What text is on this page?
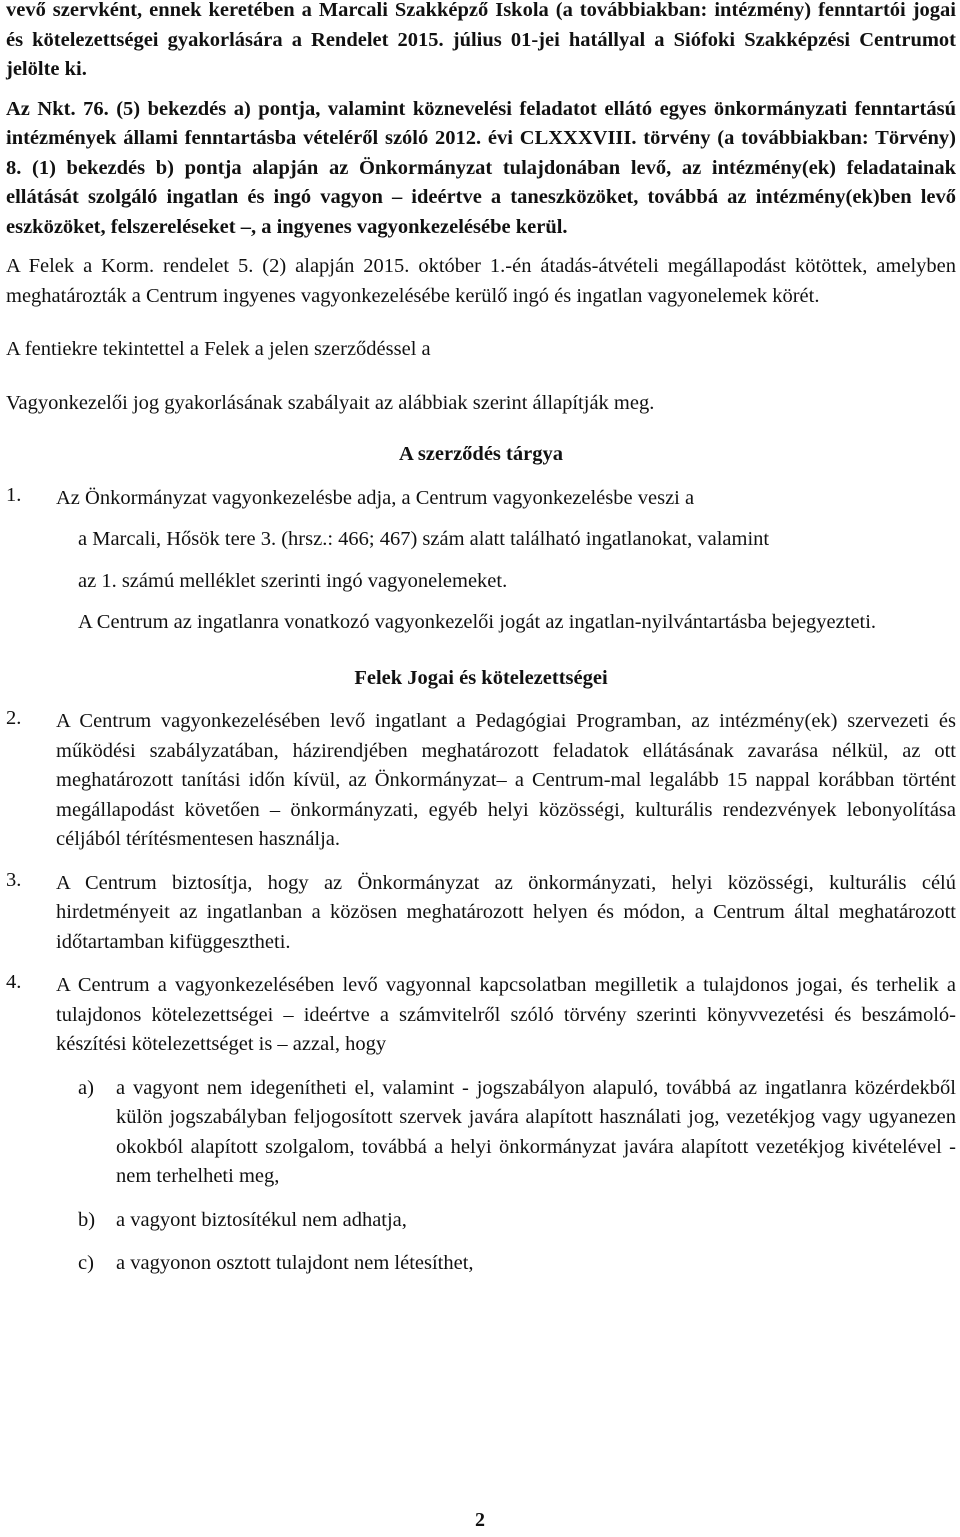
vevő szervként, ennek keretében a Marcali Szakképző Iskola (a továbbiakban: intézmény) fenntartói jogai és kötelezettségei gyakorlására a Rendelet 2015. július 01-jei hatállyal a Siófoki Szakképzési Centrumot jelölte ki.

Az Nkt. 76. (5) bekezdés a) pontja, valamint köznevelési feladatot ellátó egyes önkormányzati fenntartású intézmények állami fenntartásba vételéről szóló 2012. évi CLXXXVIII. törvény (a továbbiakban: Törvény) 8. (1) bekezdés b) pontja alapján az Önkormányzat tulajdonában levő, az intézmény(ek) feladatainak ellátását szolgáló ingatlan és ingó vagyon – ideértve a taneszközöket, továbbá az intézmény(ek)ben levő eszközöket, felszereléseket –, a ingyenes vagyonkezelésébe kerül.

A Felek a Korm. rendelet 5. (2) alapján 2015. október 1.-én átadás-átvételi megállapodást kötöttek, amelyben meghatározták a Centrum ingyenes vagyonkezelésébe kerülő ingó és ingatlan vagyonelemek körét.

A fentiekre tekintettel a Felek a jelen szerződéssel a

Vagyonkezelői jog gyakorlásának szabályait az alábbiak szerint állapítják meg.

A szerződés tárgya

1.	Az Önkormányzat vagyonkezelésbe adja, a Centrum vagyonkezelésbe veszi a

a Marcali, Hősök tere 3. (hrsz.: 466; 467) szám alatt található ingatlanokat, valamint

az 1. számú melléklet szerinti ingó vagyonelemeket.

A Centrum az ingatlanra vonatkozó vagyonkezelői jogát az ingatlan-nyilvántartásba bejegyezteti.

Felek Jogai és kötelezettségei

2.	A Centrum vagyonkezelésében levő ingatlant a Pedagógiai Programban, az intézmény(ek) szervezeti és működési szabályzatában, házirendjében meghatározott feladatok ellátásának zavarása nélkül, az ott meghatározott tanítási időn kívül, az Önkormányzat– a Centrum-mal legalább 15 nappal korábban történt megállapodást követően – önkormányzati, egyéb helyi közösségi, kulturális rendezvények lebonyolítása céljából térítésmentesen használja.
3.	A Centrum biztosítja, hogy az Önkormányzat az önkormányzati, helyi közösségi, kulturális célú hirdetményeit az ingatlanban a közösen meghatározott helyen és módon, a Centrum által meghatározott időtartamban kifüggesztheti.
4.	A Centrum a vagyonkezelésében levő vagyonnal kapcsolatban megilletik a tulajdonos jogai, és terhelik a tulajdonos kötelezettségei – ideértve a számvitelről szóló törvény szerinti könyvvezetési és beszámoló-készítési kötelezettséget is – azzal, hogy
a)	a vagyont nem idegenítheti el, valamint - jogszabályon alapuló, továbbá az ingatlanra közérdekből külön jogszabályban feljogosított szervek javára alapított használati jog, vezetékjog vagy ugyanezen okokból alapított szolgalom, továbbá a helyi önkormányzat javára alapított vezetékjog kivételével - nem terhelheti meg,
b)	a vagyont biztosítékul nem adhatja,
c)	a vagyonon osztott tulajdont nem létesíthet,
2
